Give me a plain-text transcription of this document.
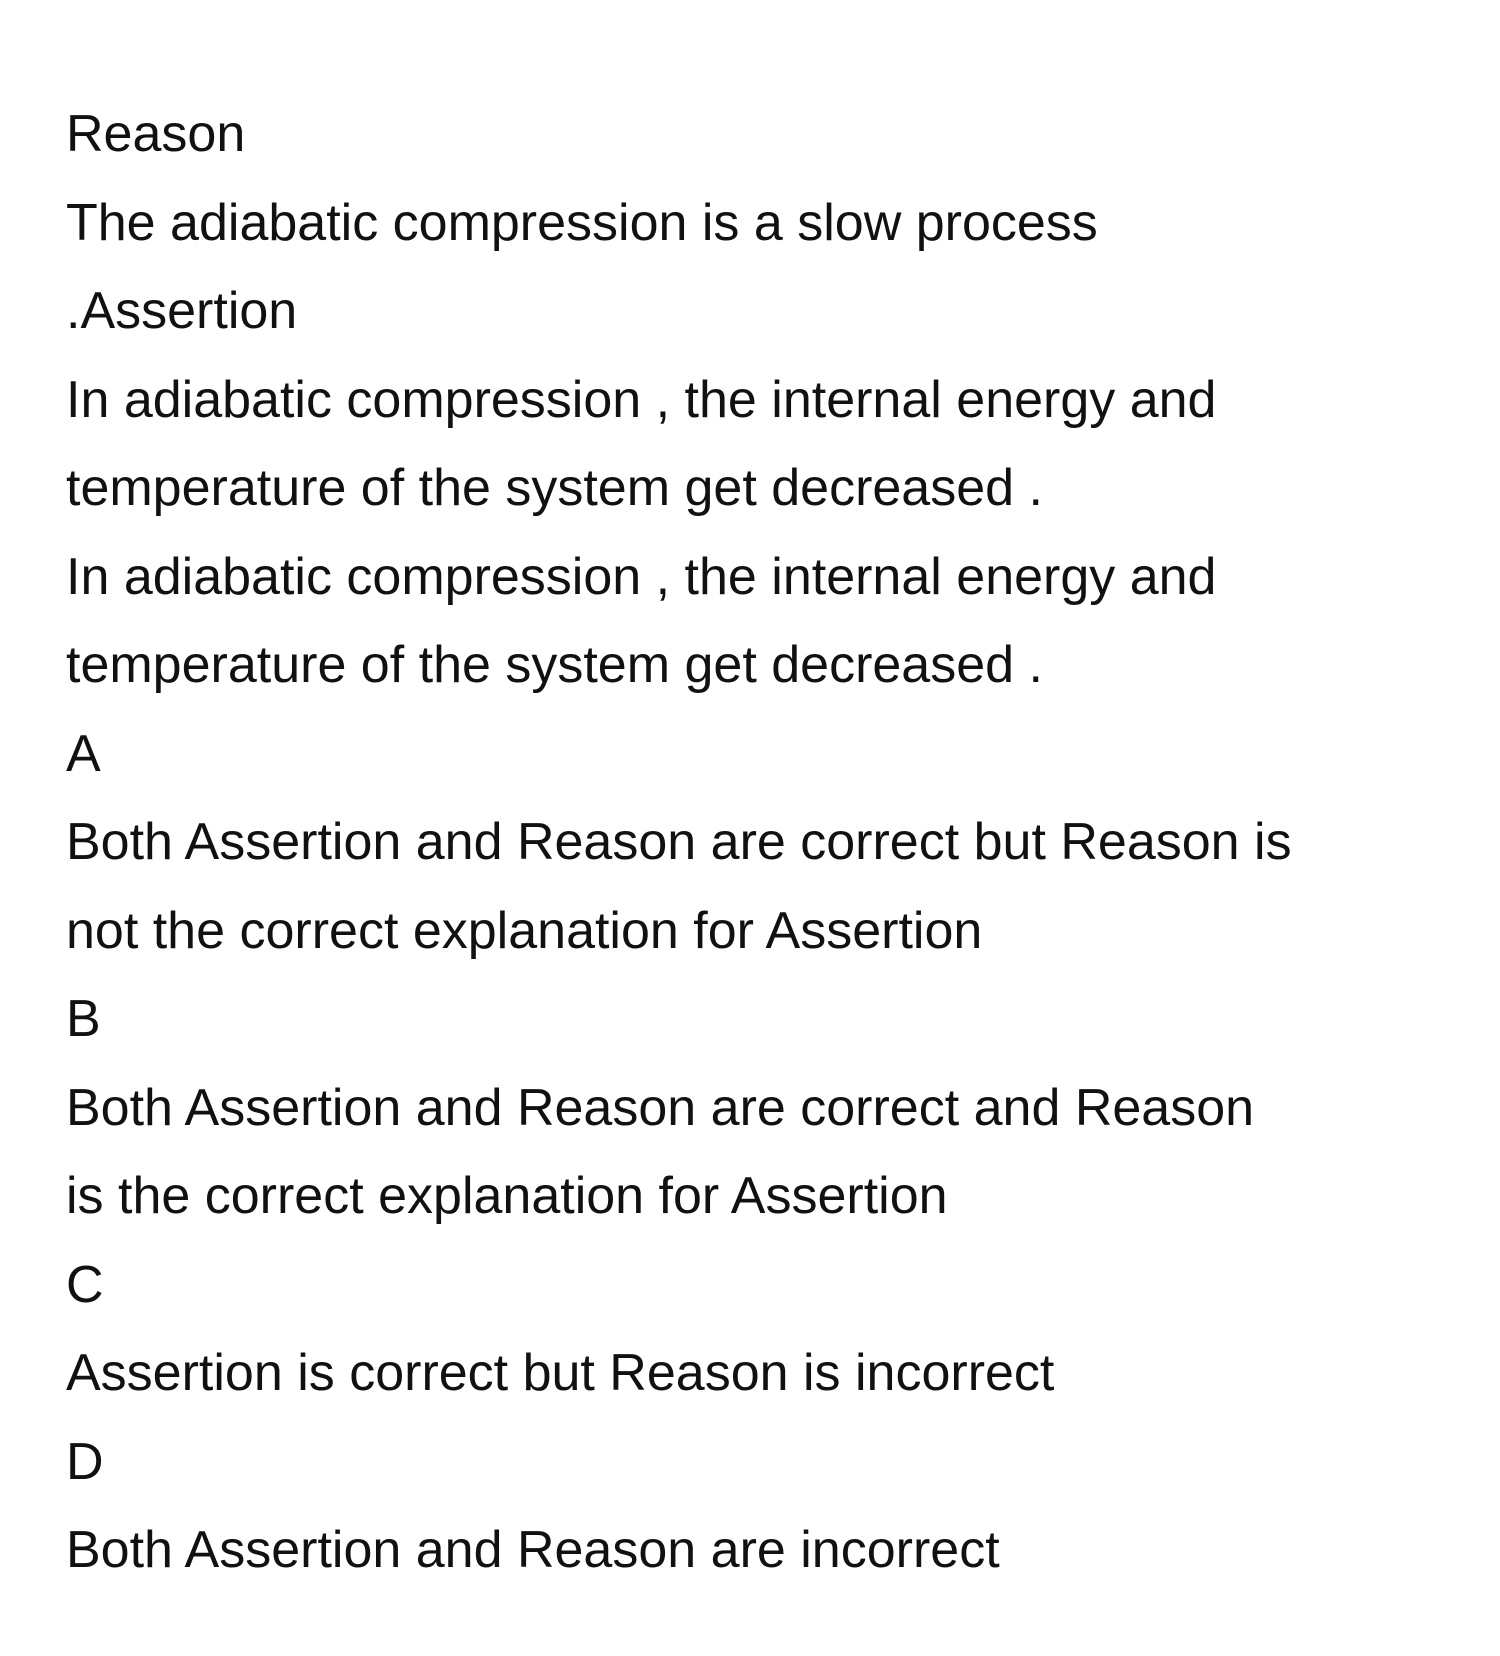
Reason
The adiabatic compression is a slow process
.Assertion
In adiabatic compression , the internal energy and
temperature of the system get decreased .
In adiabatic compression , the internal energy and
temperature of the system get decreased .
A
Both Assertion and Reason are correct but Reason is
not the correct explanation for Assertion
B
Both Assertion and Reason are correct and Reason
is the correct explanation for Assertion
C
Assertion is correct but Reason is incorrect
D
Both Assertion and Reason are incorrect
